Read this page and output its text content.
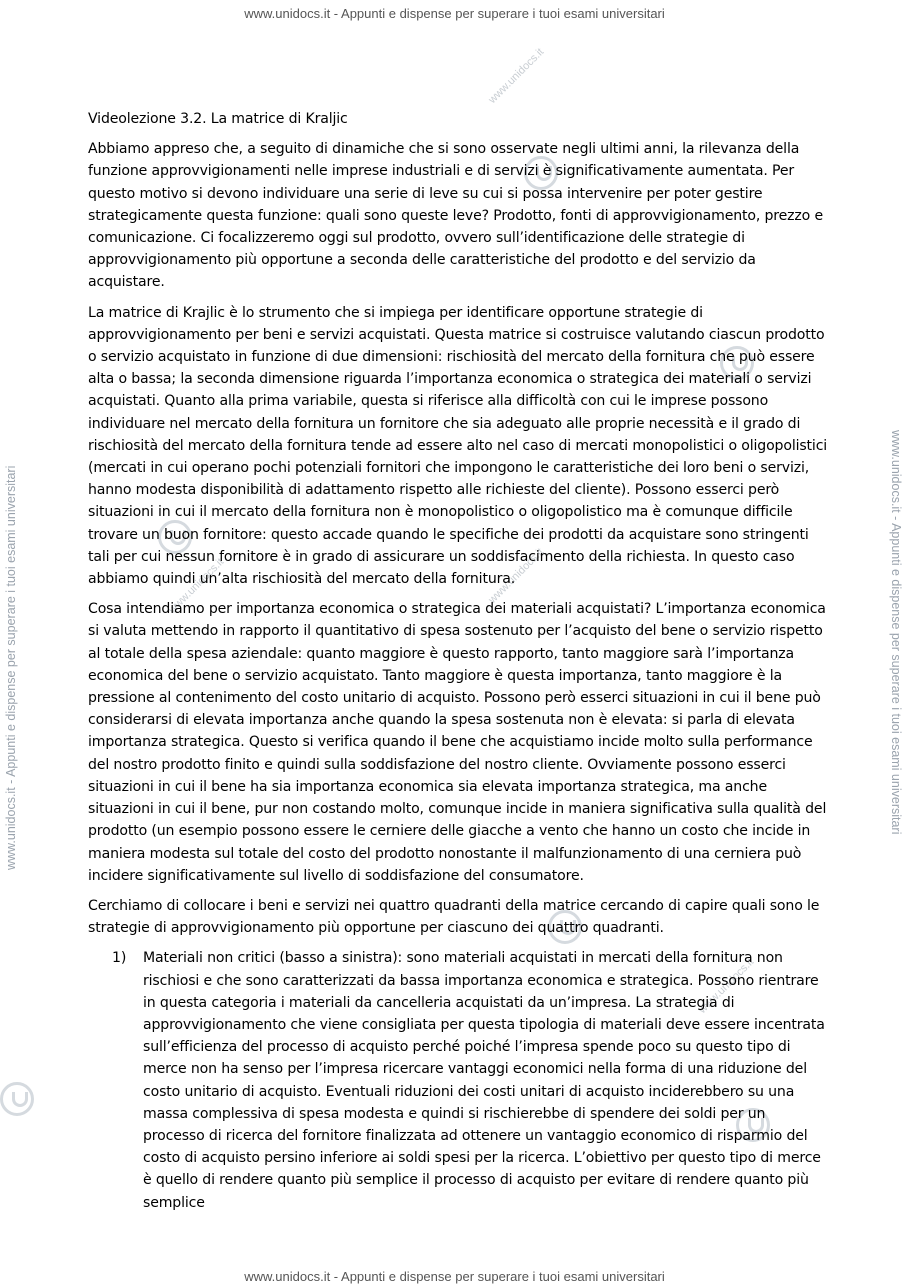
www.unidocs.it - Appunti e dispense per superare i tuoi esami universitari
www.unidocs.it - Appunti e dispense per superare i tuoi esami universitari
www.unidocs.it - Appunti e dispense per superare i tuoi esami universitari	www.unidocs.it - Appunti e dispense per superare i tuoi esami universitari
www.unidocs.it
www.unidocs.it
www.unidocs.it
www.unidocs.it
Videolezione 3.2. La matrice di Kraljic

Abbiamo appreso che, a seguito di dinamiche che si sono osservate negli ultimi anni, la rilevanza della funzione approvvigionamenti nelle imprese industriali e di servizi è significativamente aumentata. Per questo motivo si devono individuare una serie di leve su cui si possa intervenire per poter gestire strategicamente questa funzione: quali sono queste leve? Prodotto, fonti di approvvigionamento, prezzo e comunicazione. Ci focalizzeremo oggi sul prodotto, ovvero sull’identificazione delle strategie di approvvigionamento più opportune a seconda delle caratteristiche del prodotto e del servizio da acquistare.

La matrice di Krajlic è lo strumento che si impiega per identificare opportune strategie di approvvigionamento per beni e servizi acquistati. Questa matrice si costruisce valutando ciascun prodotto o servizio acquistato in funzione di due dimensioni: rischiosità del mercato della fornitura che può essere alta o bassa; la seconda dimensione riguarda l’importanza economica o strategica dei materiali o servizi acquistati. Quanto alla prima variabile, questa si riferisce alla difficoltà con cui le imprese possono individuare nel mercato della fornitura un fornitore che sia adeguato alle proprie necessità e il grado di rischiosità del mercato della fornitura tende ad essere alto nel caso di mercati monopolistici o oligopolistici (mercati in cui operano pochi potenziali fornitori che impongono le caratteristiche dei loro beni o servizi, hanno modesta disponibilità di adattamento rispetto alle richieste del cliente). Possono esserci però situazioni in cui il mercato della fornitura non è monopolistico o oligopolistico ma è comunque difficile trovare un buon fornitore: questo accade quando le specifiche dei prodotti da acquistare sono stringenti tali per cui nessun fornitore è in grado di assicurare un soddisfacimento della richiesta. In questo caso abbiamo quindi un’alta rischiosità del mercato della fornitura.

Cosa intendiamo per importanza economica o strategica dei materiali acquistati? L’importanza economica si valuta mettendo in rapporto il quantitativo di spesa sostenuto per l’acquisto del bene o servizio rispetto al totale della spesa aziendale: quanto maggiore è questo rapporto, tanto maggiore sarà l’importanza economica del bene o servizio acquistato. Tanto maggiore è questa importanza, tanto maggiore è la pressione al contenimento del costo unitario di acquisto. Possono però esserci situazioni in cui il bene può considerarsi di elevata importanza anche quando la spesa sostenuta non è elevata: si parla di elevata importanza strategica. Questo si verifica quando il bene che acquistiamo incide molto sulla performance del nostro prodotto finito e quindi sulla soddisfazione del nostro cliente. Ovviamente possono esserci situazioni in cui il bene ha sia importanza economica sia elevata importanza strategica, ma anche situazioni in cui il bene, pur non costando molto, comunque incide in maniera significativa sulla qualità del prodotto (un esempio possono essere le cerniere delle giacche a vento che hanno un costo che incide in maniera modesta sul totale del costo del prodotto nonostante il malfunzionamento di una cerniera può incidere significativamente sul livello di soddisfazione del consumatore.

Cerchiamo di collocare i beni e servizi nei quattro quadranti della matrice cercando di capire quali sono le strategie di approvvigionamento più opportune per ciascuno dei quattro quadranti.

1) Materiali non critici (basso a sinistra): sono materiali acquistati in mercati della fornitura non rischiosi e che sono caratterizzati da bassa importanza economica e strategica. Possono rientrare in questa categoria i materiali da cancelleria acquistati da un’impresa. La strategia di approvvigionamento che viene consigliata per questa tipologia di materiali deve essere incentrata sull’efficienza del processo di acquisto perché poiché l’impresa spende poco su questo tipo di merce non ha senso per l’impresa ricercare vantaggi economici nella forma di una riduzione del costo unitario di acquisto. Eventuali riduzioni dei costi unitari di acquisto inciderebbero su una massa complessiva di spesa modesta e quindi si rischierebbe di spendere dei soldi per un processo di ricerca del fornitore finalizzata ad ottenere un vantaggio economico di risparmio del costo di acquisto persino inferiore ai soldi spesi per la ricerca. L’obiettivo per questo tipo di merce è quello di rendere quanto più semplice il processo di acquisto per evitare di rendere quanto più semplice
